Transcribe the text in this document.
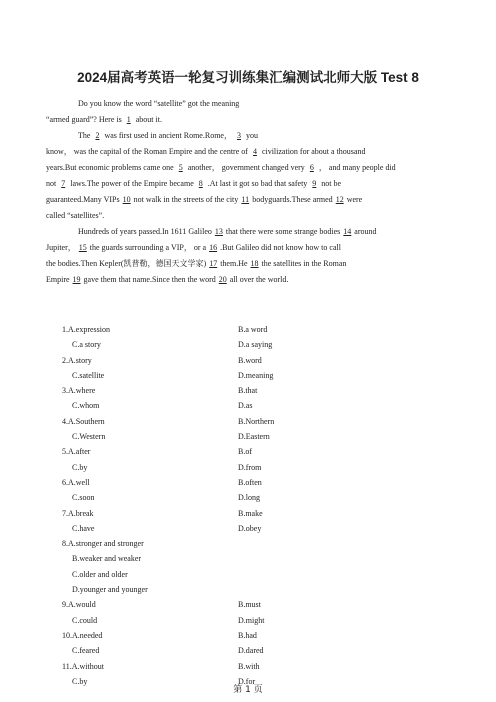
2024届高考英语一轮复习训练集汇编测试北师大版 Test 8
　　Do you know the word “satellite” got the meaning
“armed guard”? Here is 1 about it.
　　The 2 was first used in ancient Rome.Rome， 3 you
know， was the capital of the Roman Empire and the centre of 4 civilization for about a thousand
years.But economic problems came one 5 another， government changed very 6 ， and many people did
not 7 laws.The power of the Empire became 8 .At last it got so bad that safety 9 not be
guaranteed.Many VIPs 10 not walk in the streets of the city 11 bodyguards.These armed 12 were
called “satellites”.
　　Hundreds of years passed.In 1611 Galileo 13 that there were some strange bodies 14 around
Jupiter， 15 the guards surrounding a VIP， or a 16 .But Galileo did not know how to call
the bodies.Then Kepler(凯普勒，德国天文学家) 17 them.He 18 the satellites in the Roman
Empire 19 gave them that name.Since then the word 20 all over the world.
1.A.expression	B.a word
C.a story	D.a saying
2.A.story	B.word
C.satellite	D.meaning
3.A.where	B.that
C.whom	D.as
4.A.Southern	B.Northern
C.Western	D.Eastern
5.A.after	B.of
C.by	D.from
6.A.well	B.often
C.soon	D.long
7.A.break	B.make
C.have	D.obey
8.A.stronger and stronger
B.weaker and weaker
C.older and older
D.younger and younger
9.A.would	B.must
C.could	D.might
10.A.needed	B.had
C.feared	D.dared
11.A.without	B.with
C.by	D.for
第 1 页
